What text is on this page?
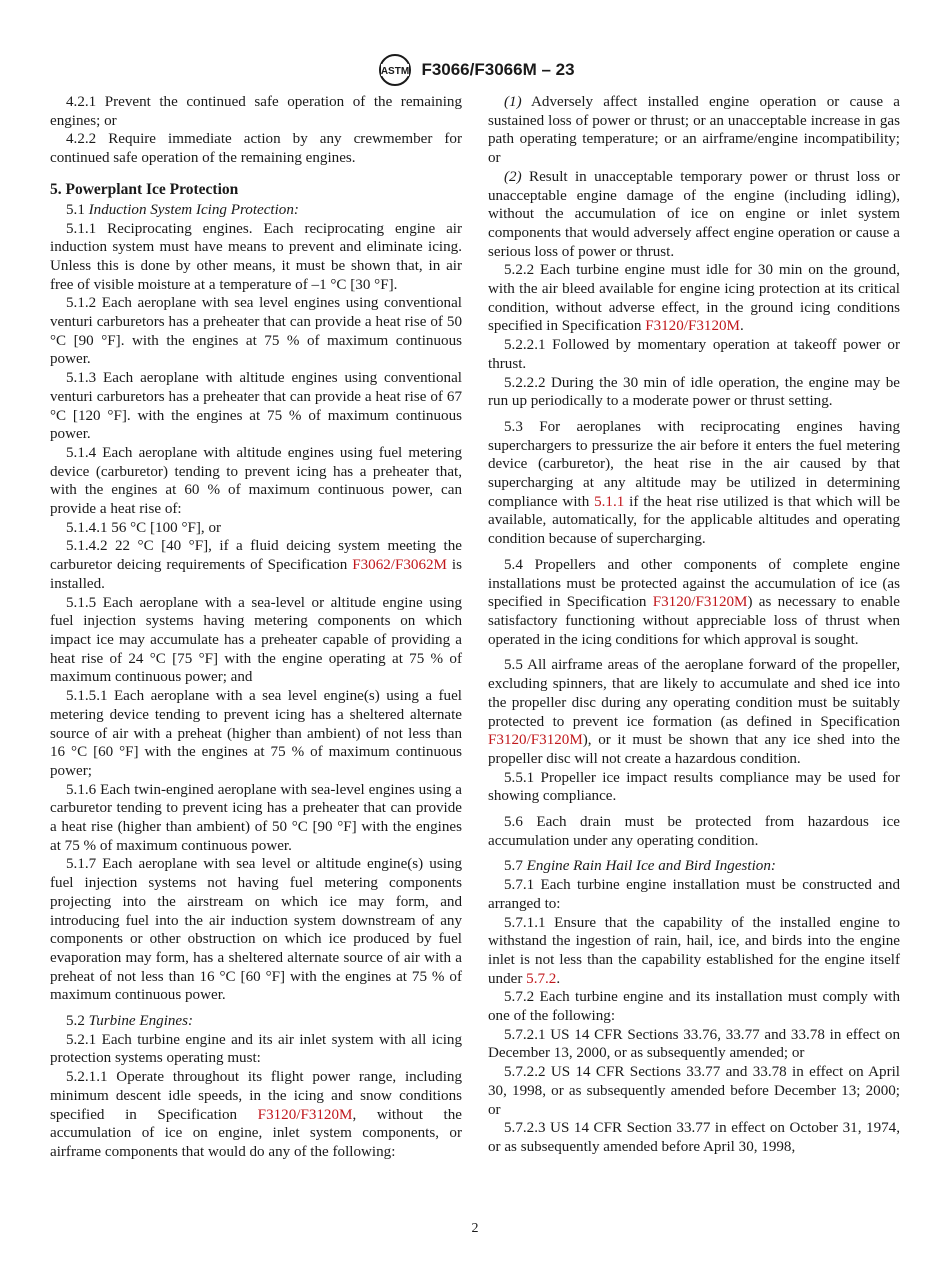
ASTM F3066/F3066M – 23

4.2.1 Prevent the continued safe operation of the remaining engines; or

4.2.2 Require immediate action by any crewmember for continued safe operation of the remaining engines.

5. Powerplant Ice Protection

5.1 Induction System Icing Protection:

5.1.1 Reciprocating engines. Each reciprocating engine air induction system must have means to prevent and eliminate icing. Unless this is done by other means, it must be shown that, in air free of visible moisture at a temperature of –1 °C [30 °F].

5.1.2 Each aeroplane with sea level engines using conventional venturi carburetors has a preheater that can provide a heat rise of 50 °C [90 °F]. with the engines at 75 % of maximum continuous power.

5.1.3 Each aeroplane with altitude engines using conventional venturi carburetors has a preheater that can provide a heat rise of 67 °C [120 °F]. with the engines at 75 % of maximum continuous power.

5.1.4 Each aeroplane with altitude engines using fuel metering device (carburetor) tending to prevent icing has a preheater that, with the engines at 60 % of maximum continuous power, can provide a heat rise of:

5.1.4.1 56 °C [100 °F], or

5.1.4.2 22 °C [40 °F], if a fluid deicing system meeting the carburetor deicing requirements of Specification F3062/F3062M is installed.

5.1.5 Each aeroplane with a sea-level or altitude engine using fuel injection systems having metering components on which impact ice may accumulate has a preheater capable of providing a heat rise of 24 °C [75 °F] with the engine operating at 75 % of maximum continuous power; and

5.1.5.1 Each aeroplane with a sea level engine(s) using a fuel metering device tending to prevent icing has a sheltered alternate source of air with a preheat (higher than ambient) of not less than 16 °C [60 °F] with the engines at 75 % of maximum continuous power;

5.1.6 Each twin-engined aeroplane with sea-level engines using a carburetor tending to prevent icing has a preheater that can provide a heat rise (higher than ambient) of 50 °C [90 °F] with the engines at 75 % of maximum continuous power.

5.1.7 Each aeroplane with sea level or altitude engine(s) using fuel injection systems not having fuel metering components projecting into the airstream on which ice may form, and introducing fuel into the air induction system downstream of any components or other obstruction on which ice produced by fuel evaporation may form, has a sheltered alternate source of air with a preheat of not less than 16 °C [60 °F] with the engines at 75 % of maximum continuous power.

5.2 Turbine Engines:

5.2.1 Each turbine engine and its air inlet system with all icing protection systems operating must:

5.2.1.1 Operate throughout its flight power range, including minimum descent idle speeds, in the icing and snow conditions specified in Specification F3120/F3120M, without the accumulation of ice on engine, inlet system components, or airframe components that would do any of the following:

(1) Adversely affect installed engine operation or cause a sustained loss of power or thrust; or an unacceptable increase in gas path operating temperature; or an airframe/engine incompatibility; or

(2) Result in unacceptable temporary power or thrust loss or unacceptable engine damage of the engine (including idling), without the accumulation of ice on engine or inlet system components that would adversely affect engine operation or cause a serious loss of power or thrust.

5.2.2 Each turbine engine must idle for 30 min on the ground, with the air bleed available for engine icing protection at its critical condition, without adverse effect, in the ground icing conditions specified in Specification F3120/F3120M.

5.2.2.1 Followed by momentary operation at takeoff power or thrust.

5.2.2.2 During the 30 min of idle operation, the engine may be run up periodically to a moderate power or thrust setting.

5.3 For aeroplanes with reciprocating engines having superchargers to pressurize the air before it enters the fuel metering device (carburetor), the heat rise in the air caused by that supercharging at any altitude may be utilized in determining compliance with 5.1.1 if the heat rise utilized is that which will be available, automatically, for the applicable altitudes and operating condition because of supercharging.

5.4 Propellers and other components of complete engine installations must be protected against the accumulation of ice (as specified in Specification F3120/F3120M) as necessary to enable satisfactory functioning without appreciable loss of thrust when operated in the icing conditions for which approval is sought.

5.5 All airframe areas of the aeroplane forward of the propeller, excluding spinners, that are likely to accumulate and shed ice into the propeller disc during any operating condition must be suitably protected to prevent ice formation (as defined in Specification F3120/F3120M), or it must be shown that any ice shed into the propeller disc will not create a hazardous condition.

5.5.1 Propeller ice impact results compliance may be used for showing compliance.

5.6 Each drain must be protected from hazardous ice accumulation under any operating condition.

5.7 Engine Rain Hail Ice and Bird Ingestion:

5.7.1 Each turbine engine installation must be constructed and arranged to:

5.7.1.1 Ensure that the capability of the installed engine to withstand the ingestion of rain, hail, ice, and birds into the engine inlet is not less than the capability established for the engine itself under 5.7.2.

5.7.2 Each turbine engine and its installation must comply with one of the following:

5.7.2.1 US 14 CFR Sections 33.76, 33.77 and 33.78 in effect on December 13, 2000, or as subsequently amended; or

5.7.2.2 US 14 CFR Sections 33.77 and 33.78 in effect on April 30, 1998, or as subsequently amended before December 13; 2000; or

5.7.2.3 US 14 CFR Section 33.77 in effect on October 31, 1974, or as subsequently amended before April 30, 1998,

2
